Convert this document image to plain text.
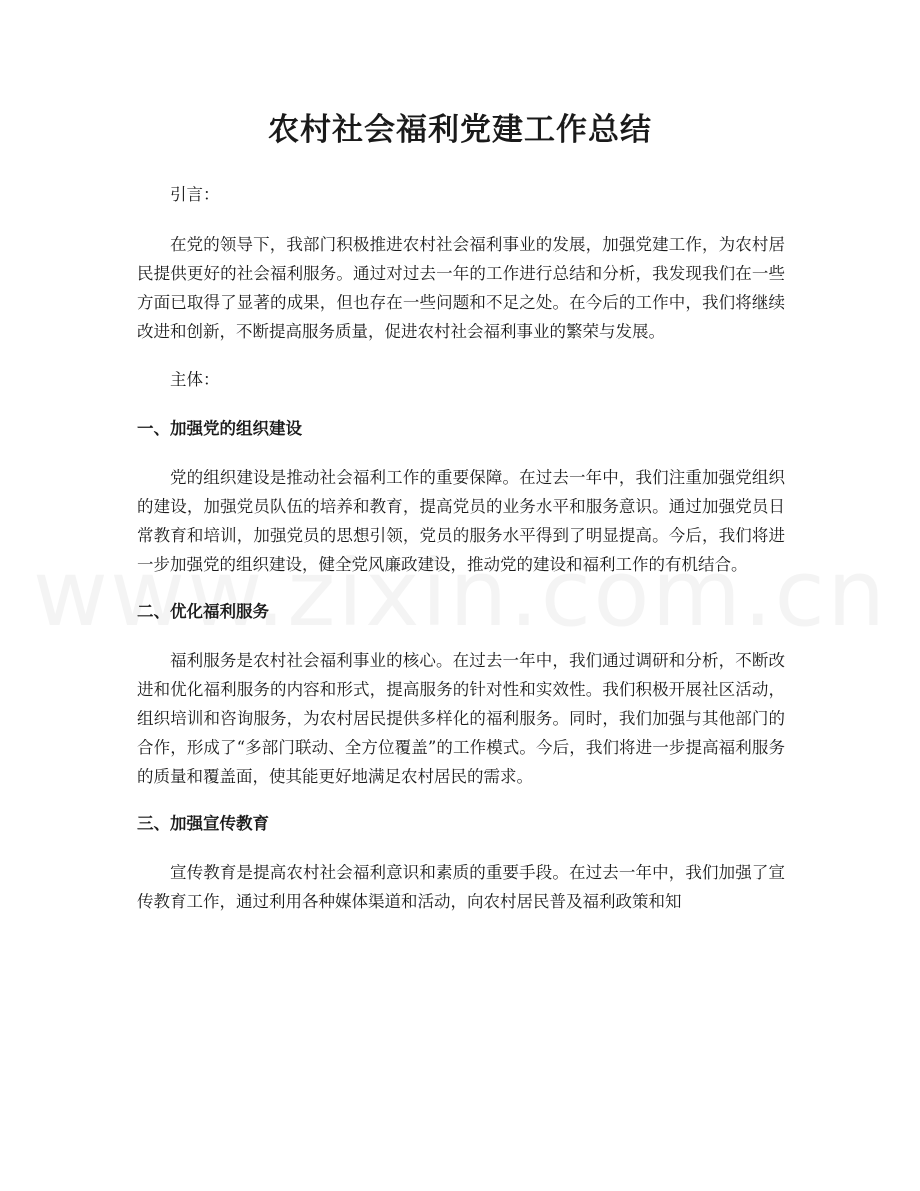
农村社会福利党建工作总结

引言：

在党的领导下，我部门积极推进农村社会福利事业的发展，加强党建工作，为农村居民提供更好的社会福利服务。通过对过去一年的工作进行总结和分析，我发现我们在一些方面已取得了显著的成果，但也存在一些问题和不足之处。在今后的工作中，我们将继续改进和创新，不断提高服务质量，促进农村社会福利事业的繁荣与发展。

主体：

一、加强党的组织建设

党的组织建设是推动社会福利工作的重要保障。在过去一年中，我们注重加强党组织的建设，加强党员队伍的培养和教育，提高党员的业务水平和服务意识。通过加强党员日常教育和培训，加强党员的思想引领，党员的服务水平得到了明显提高。今后，我们将进一步加强党的组织建设，健全党风廉政建设，推动党的建设和福利工作的有机结合。

二、优化福利服务

福利服务是农村社会福利事业的核心。在过去一年中，我们通过调研和分析，不断改进和优化福利服务的内容和形式，提高服务的针对性和实效性。我们积极开展社区活动，组织培训和咨询服务，为农村居民提供多样化的福利服务。同时，我们加强与其他部门的合作，形成了“多部门联动、全方位覆盖”的工作模式。今后，我们将进一步提高福利服务的质量和覆盖面，使其能更好地满足农村居民的需求。

三、加强宣传教育

宣传教育是提高农村社会福利意识和素质的重要手段。在过去一年中，我们加强了宣传教育工作，通过利用各种媒体渠道和活动，向农村居民普及福利政策和知
